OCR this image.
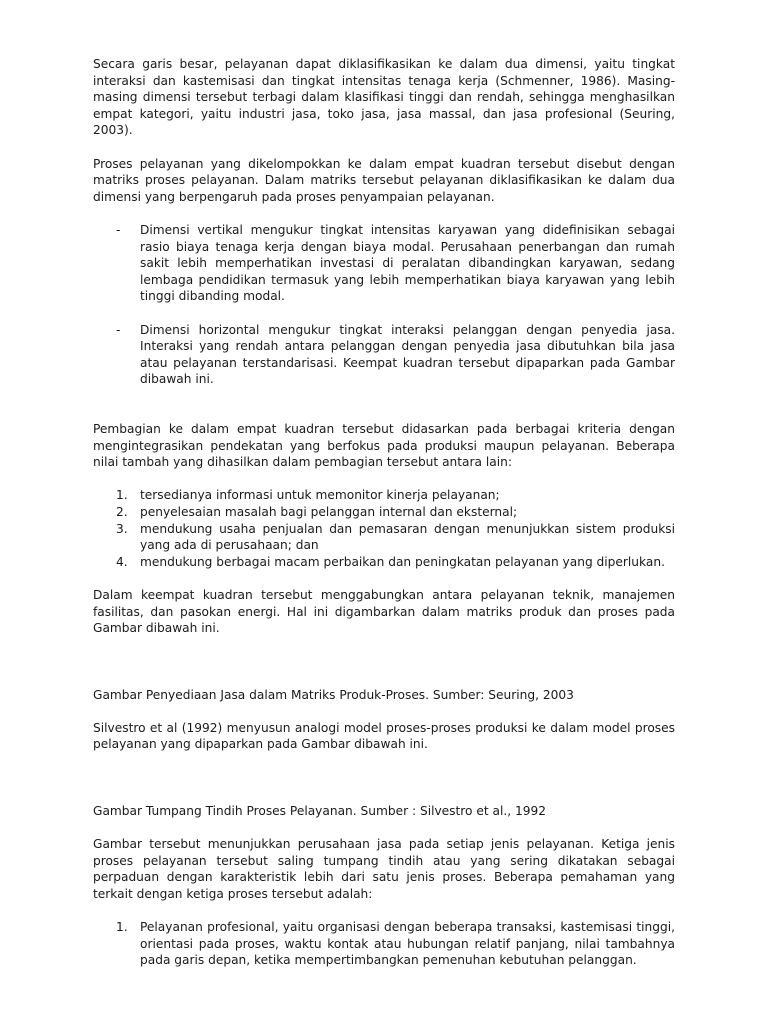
Secara garis besar, pelayanan dapat diklasifikasikan ke dalam dua dimensi, yaitu tingkat interaksi dan kastemisasi dan tingkat intensitas tenaga kerja (Schmenner, 1986). Masing-masing dimensi tersebut terbagi dalam klasifikasi tinggi dan rendah, sehingga menghasilkan empat kategori, yaitu industri jasa, toko jasa, jasa massal, dan jasa profesional (Seuring, 2003).

Proses pelayanan yang dikelompokkan ke dalam empat kuadran tersebut disebut dengan matriks proses pelayanan. Dalam matriks tersebut pelayanan diklasifikasikan ke dalam dua dimensi yang berpengaruh pada proses penyampaian pelayanan.

- Dimensi vertikal mengukur tingkat intensitas karyawan yang didefinisikan sebagai rasio biaya tenaga kerja dengan biaya modal. Perusahaan penerbangan dan rumah sakit lebih memperhatikan investasi di peralatan dibandingkan karyawan, sedang lembaga pendidikan termasuk yang lebih memperhatikan biaya karyawan yang lebih tinggi dibanding modal.
- Dimensi horizontal mengukur tingkat interaksi pelanggan dengan penyedia jasa. Interaksi yang rendah antara pelanggan dengan penyedia jasa dibutuhkan bila jasa atau pelayanan terstandarisasi. Keempat kuadran tersebut dipaparkan pada Gambar dibawah ini.

Pembagian ke dalam empat kuadran tersebut didasarkan pada berbagai kriteria dengan mengintegrasikan pendekatan yang berfokus pada produksi maupun pelayanan. Beberapa nilai tambah yang dihasilkan dalam pembagian tersebut antara lain:

1. tersedianya informasi untuk memonitor kinerja pelayanan;
2. penyelesaian masalah bagi pelanggan internal dan eksternal;
3. mendukung usaha penjualan dan pemasaran dengan menunjukkan sistem produksi yang ada di perusahaan; dan
4. mendukung berbagai macam perbaikan dan peningkatan pelayanan yang diperlukan.

Dalam keempat kuadran tersebut menggabungkan antara pelayanan teknik, manajemen fasilitas, dan pasokan energi. Hal ini digambarkan dalam matriks produk dan proses pada Gambar dibawah ini.

Gambar Penyediaan Jasa dalam Matriks Produk-Proses. Sumber: Seuring, 2003

Silvestro et al (1992) menyusun analogi model proses-proses produksi ke dalam model proses pelayanan yang dipaparkan pada Gambar dibawah ini.

Gambar Tumpang Tindih Proses Pelayanan. Sumber : Silvestro et al., 1992

Gambar tersebut menunjukkan perusahaan jasa pada setiap jenis pelayanan. Ketiga jenis proses pelayanan tersebut saling tumpang tindih atau yang sering dikatakan sebagai perpaduan dengan karakteristik lebih dari satu jenis proses. Beberapa pemahaman yang terkait dengan ketiga proses tersebut adalah:

1. Pelayanan profesional, yaitu organisasi dengan beberapa transaksi, kastemisasi tinggi, orientasi pada proses, waktu kontak atau hubungan relatif panjang, nilai tambahnya pada garis depan, ketika mempertimbangkan pemenuhan kebutuhan pelanggan.
